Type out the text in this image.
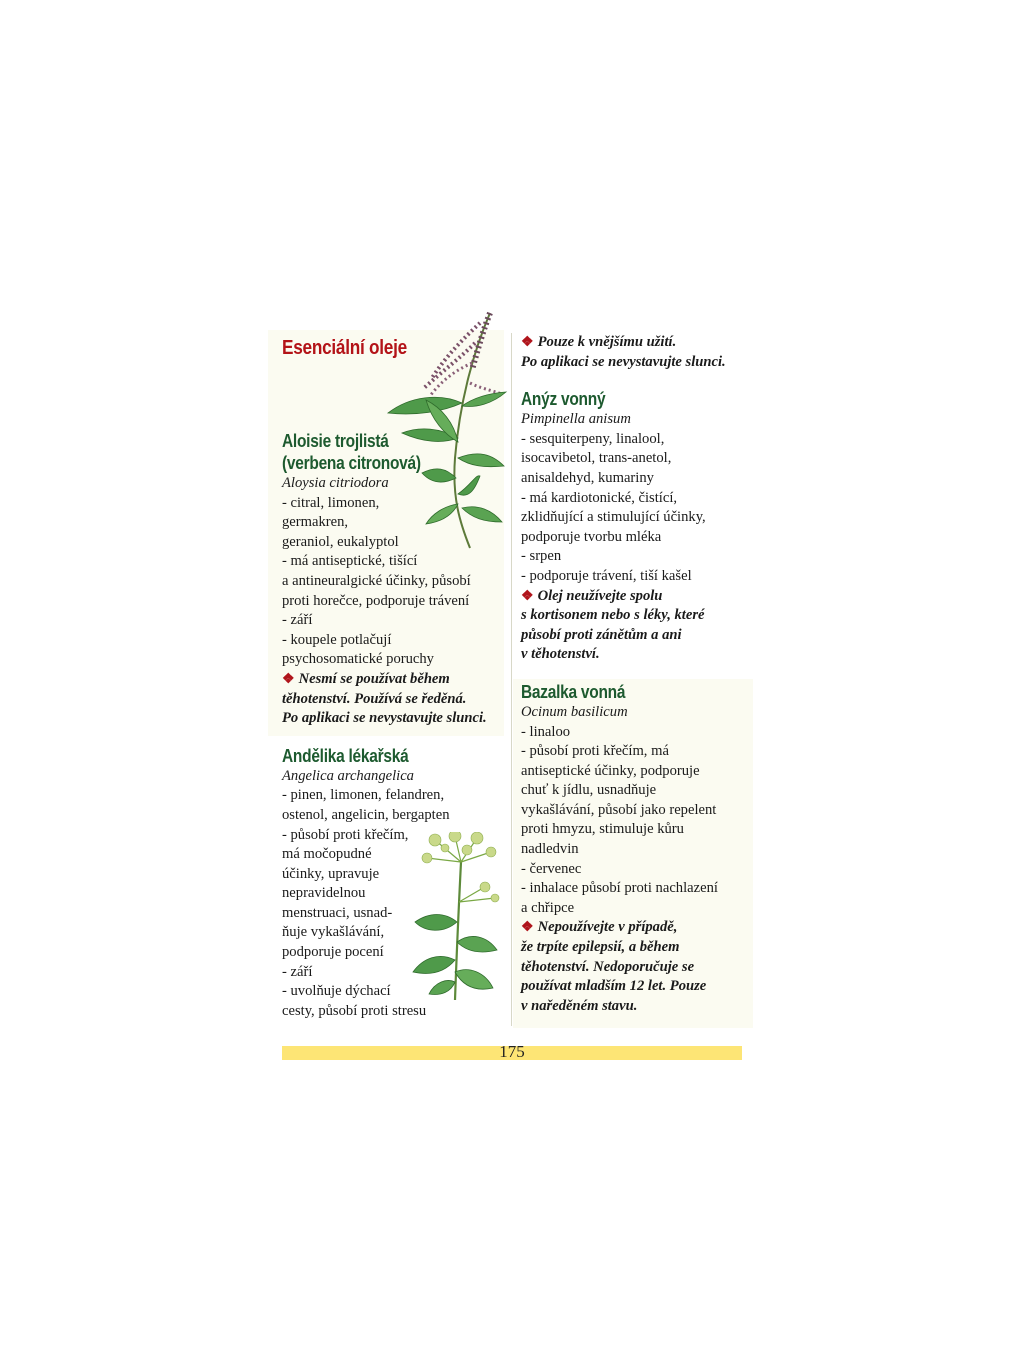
Esenciální oleje

Aloisie trojlistá

(verbena citronová)

Aloysia citriodora

- citral, limonen,

germakren,

geraniol, eukalyptol

- má antiseptické, tišící

a antineuralgické účinky, působí

proti horečce, podporuje trávení

- září

- koupele potlačují

psychosomatické poruchy

❖ Nesmí se používat během

těhotenství. Používá se ředěná.

Po aplikaci se nevystavujte slunci.

Andělika lékařská

Angelica archangelica

- pinen, limonen, felandren,

ostenol, angelicin, bergapten

- působí proti křečím,

má močopudné

účinky, upravuje

nepravidelnou

menstruaci, usnad-

ňuje vykašlávání,

podporuje pocení

- září

- uvolňuje dýchací

cesty, působí proti stresu

❖ Pouze k vnějšímu užití.

Po aplikaci se nevystavujte slunci.

Anýz vonný

Pimpinella anisum

- sesquiterpeny, linalool,

isocavibetol, trans-anetol,

anisaldehyd, kumariny

- má kardiotonické, čistící,

zklidňující a stimulující účinky,

podporuje tvorbu mléka

- srpen

- podporuje trávení, tiší kašel

❖ Olej neužívejte spolu

s kortisonem nebo s léky, které

působí proti zánětům a ani

v těhotenství.

Bazalka vonná

Ocinum basilicum

- linaloo

- působí proti křečím, má

antiseptické účinky, podporuje

chuť k jídlu, usnadňuje

vykašlávání, působí jako repelent

proti hmyzu, stimuluje kůru

nadledvin

- červenec

- inhalace působí proti nachlazení

a chřipce

❖ Nepoužívejte v případě,

že trpíte epilepsií, a během

těhotenství. Nedoporučuje se

používat mladším 12 let. Pouze

v naředěném stavu.

175
